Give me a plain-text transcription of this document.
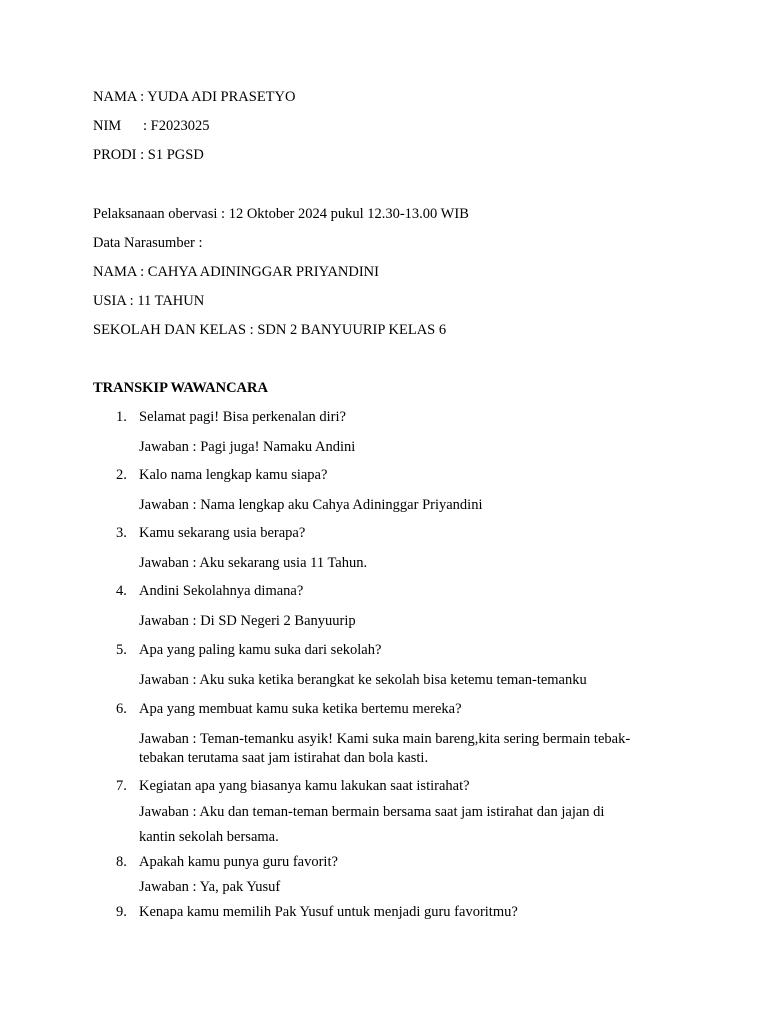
NAMA : YUDA ADI PRASETYO
NIM : F2023025
PRODI : S1 PGSD
Pelaksanaan obervasi : 12 Oktober 2024 pukul 12.30-13.00 WIB
Data Narasumber :
NAMA : CAHYA ADININGGAR PRIYANDINI
USIA : 11 TAHUN
SEKOLAH DAN KELAS : SDN 2 BANYUURIP KELAS 6
TRANSKIP WAWANCARA
1. Selamat pagi! Bisa perkenalan diri?
Jawaban : Pagi juga! Namaku Andini
2. Kalo nama lengkap kamu siapa?
Jawaban : Nama lengkap aku Cahya Adininggar Priyandini
3. Kamu sekarang usia berapa?
Jawaban : Aku sekarang usia 11 Tahun.
4. Andini Sekolahnya dimana?
Jawaban : Di SD Negeri 2 Banyuurip
5. Apa yang paling kamu suka dari sekolah?
Jawaban : Aku suka ketika berangkat ke sekolah bisa ketemu teman-temanku
6. Apa yang membuat kamu suka ketika bertemu mereka?
Jawaban : Teman-temanku asyik! Kami suka main bareng,kita sering bermain tebak-
tebakan terutama saat jam istirahat dan bola kasti.
7. Kegiatan apa yang biasanya kamu lakukan saat istirahat?
Jawaban : Aku dan teman-teman bermain bersama saat jam istirahat dan jajan di
kantin sekolah bersama.
8. Apakah kamu punya guru favorit?
Jawaban : Ya, pak Yusuf
9. Kenapa kamu memilih Pak Yusuf untuk menjadi guru favoritmu?
